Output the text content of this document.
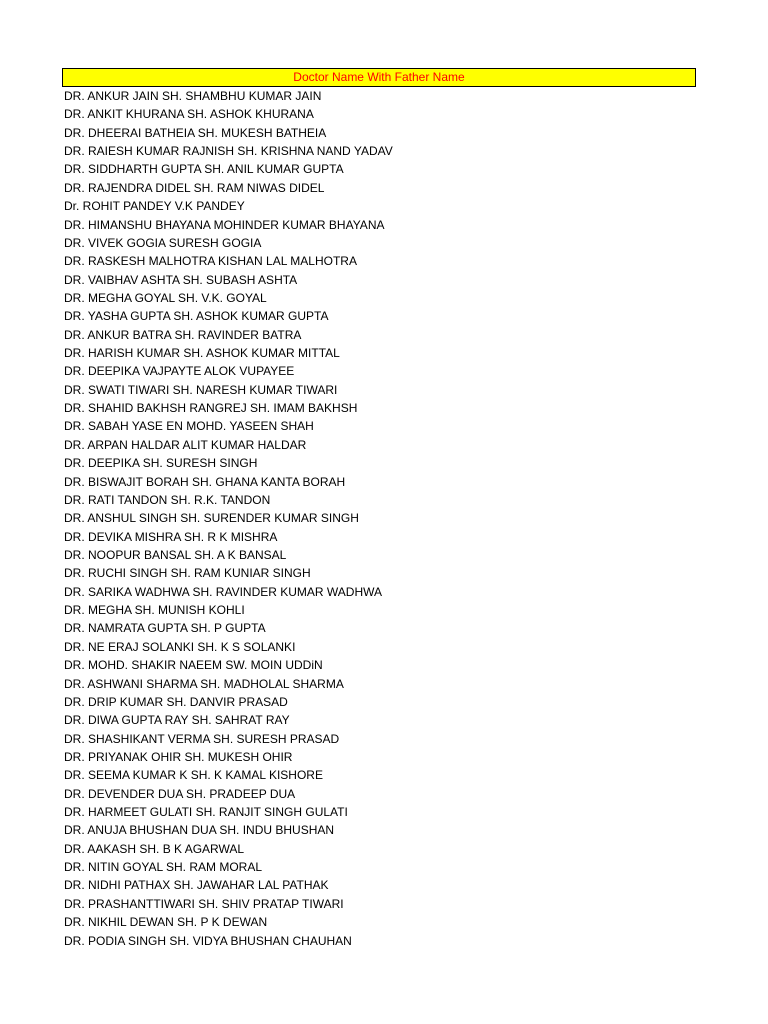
Doctor Name With Father Name
DR. ANKUR JAIN SH. SHAMBHU KUMAR JAIN
DR. ANKIT KHURANA SH. ASHOK KHURANA
DR. DHEERAI BATHEIA SH. MUKESH BATHEIA
DR. RAIESH KUMAR RAJNISH SH. KRISHNA NAND YADAV
DR. SIDDHARTH GUPTA SH. ANIL KUMAR GUPTA
DR. RAJENDRA DIDEL SH. RAM NIWAS DIDEL
Dr. ROHIT PANDEY V.K PANDEY
DR. HIMANSHU BHAYANA MOHINDER KUMAR BHAYANA
DR. VIVEK GOGIA SURESH GOGIA
DR. RASKESH MALHOTRA KISHAN LAL MALHOTRA
DR. VAIBHAV ASHTA SH. SUBASH ASHTA
DR. MEGHA GOYAL SH. V.K. GOYAL
DR. YASHA GUPTA SH. ASHOK KUMAR GUPTA
DR. ANKUR BATRA SH. RAVINDER BATRA
DR. HARISH KUMAR SH. ASHOK KUMAR MITTAL
DR. DEEPIKA VAJPAYTE ALOK VUPAYEE
DR. SWATI TIWARI SH. NARESH KUMAR TIWARI
DR. SHAHID BAKHSH RANGREJ SH. IMAM BAKHSH
DR. SABAH YASE EN MOHD. YASEEN SHAH
DR. ARPAN HALDAR ALIT KUMAR HALDAR
DR. DEEPIKA SH. SURESH SINGH
DR. BISWAJIT BORAH SH. GHANA KANTA BORAH
DR. RATI TANDON SH. R.K. TANDON
DR. ANSHUL SINGH SH. SURENDER KUMAR SINGH
DR. DEVIKA MISHRA SH. R K MISHRA
DR. NOOPUR BANSAL SH. A K BANSAL
DR. RUCHI SINGH SH. RAM KUNIAR SINGH
DR. SARIKA WADHWA SH. RAVINDER KUMAR WADHWA
DR. MEGHA SH. MUNISH KOHLI
DR. NAMRATA GUPTA SH. P GUPTA
DR. NE ERAJ SOLANKI SH. K S SOLANKI
DR. MOHD. SHAKIR NAEEM SW. MOIN UDDiN
DR. ASHWANI SHARMA SH. MADHOLAL SHARMA
DR. DRIP KUMAR SH. DANVIR PRASAD
DR. DIWA GUPTA RAY SH. SAHRAT RAY
DR. SHASHIKANT VERMA SH. SURESH PRASAD
DR. PRIYANAK OHIR SH. MUKESH OHIR
DR. SEEMA KUMAR K SH. K KAMAL KISHORE
DR. DEVENDER DUA SH. PRADEEP DUA
DR. HARMEET GULATI SH. RANJIT SINGH GULATI
DR. ANUJA BHUSHAN DUA SH. INDU BHUSHAN
DR. AAKASH SH. B K AGARWAL
DR. NITIN GOYAL SH. RAM MORAL
DR. NIDHI PATHAX SH. JAWAHAR LAL PATHAK
DR. PRASHANTTIWARI SH. SHIV PRATAP TIWARI
DR. NIKHIL DEWAN SH. P K DEWAN
DR. PODIA SINGH SH. VIDYA BHUSHAN CHAUHAN
